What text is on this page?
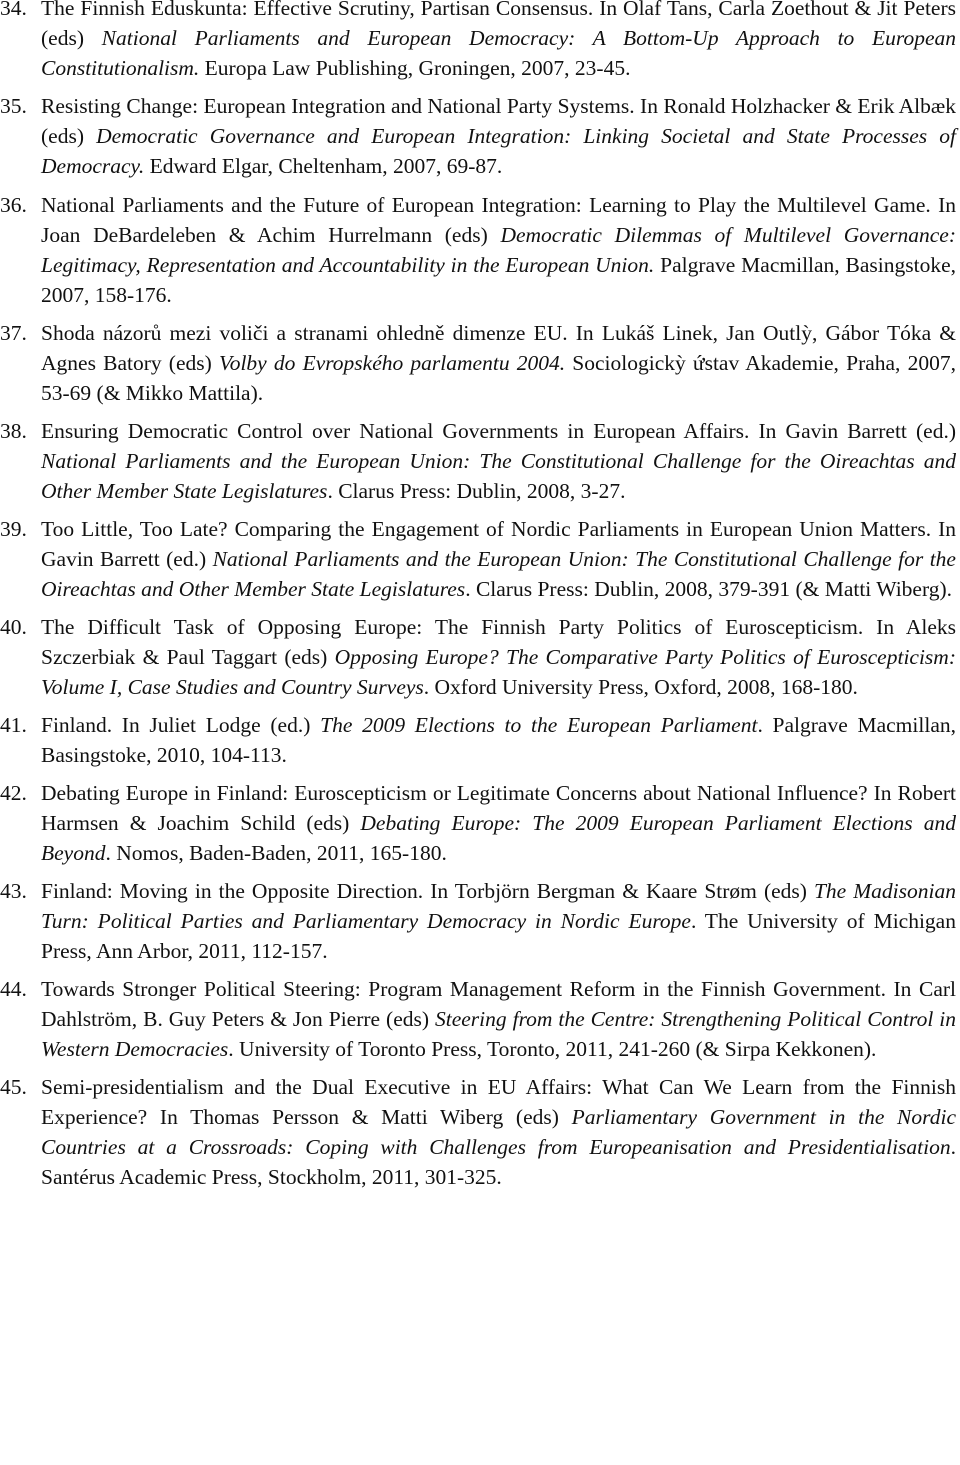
34. The Finnish Eduskunta: Effective Scrutiny, Partisan Consensus. In Olaf Tans, Carla Zoethout & Jit Peters (eds) National Parliaments and European Democracy: A Bottom-Up Approach to European Constitutionalism. Europa Law Publishing, Groningen, 2007, 23-45.

35. Resisting Change: European Integration and National Party Systems. In Ronald Holzhacker & Erik Albæk (eds) Democratic Governance and European Integration: Linking Societal and State Processes of Democracy. Edward Elgar, Cheltenham, 2007, 69-87.

36. National Parliaments and the Future of European Integration: Learning to Play the Multilevel Game. In Joan DeBardeleben & Achim Hurrelmann (eds) Democratic Dilemmas of Multilevel Governance: Legitimacy, Representation and Accountability in the European Union. Palgrave Macmillan, Basingstoke, 2007, 158-176.

37. Shoda názorů mezi voliči a stranami ohledně dimenze EU. In Lukáš Linek, Jan Outlỳ, Gábor Tóka & Agnes Batory (eds) Volby do Evropského parlamentu 2004. Sociologickỳ ứstav Akademie, Praha, 2007, 53-69 (& Mikko Mattila).

38. Ensuring Democratic Control over National Governments in European Affairs. In Gavin Barrett (ed.) National Parliaments and the European Union: The Constitutional Challenge for the Oireachtas and Other Member State Legislatures. Clarus Press: Dublin, 2008, 3-27.

39. Too Little, Too Late? Comparing the Engagement of Nordic Parliaments in European Union Matters. In Gavin Barrett (ed.) National Parliaments and the European Union: The Constitutional Challenge for the Oireachtas and Other Member State Legislatures. Clarus Press: Dublin, 2008, 379-391 (& Matti Wiberg).

40. The Difficult Task of Opposing Europe: The Finnish Party Politics of Euroscepticism. In Aleks Szczerbiak & Paul Taggart (eds) Opposing Europe? The Comparative Party Politics of Euroscepticism: Volume I, Case Studies and Country Surveys. Oxford University Press, Oxford, 2008, 168-180.

41. Finland. In Juliet Lodge (ed.) The 2009 Elections to the European Parliament. Palgrave Macmillan, Basingstoke, 2010, 104-113.

42. Debating Europe in Finland: Euroscepticism or Legitimate Concerns about National Influence? In Robert Harmsen & Joachim Schild (eds) Debating Europe: The 2009 European Parliament Elections and Beyond. Nomos, Baden-Baden, 2011, 165-180.

43. Finland: Moving in the Opposite Direction. In Torbjörn Bergman & Kaare Strøm (eds) The Madisonian Turn: Political Parties and Parliamentary Democracy in Nordic Europe. The University of Michigan Press, Ann Arbor, 2011, 112-157.

44. Towards Stronger Political Steering: Program Management Reform in the Finnish Government. In Carl Dahlström, B. Guy Peters & Jon Pierre (eds) Steering from the Centre: Strengthening Political Control in Western Democracies. University of Toronto Press, Toronto, 2011, 241-260 (& Sirpa Kekkonen).

45. Semi-presidentialism and the Dual Executive in EU Affairs: What Can We Learn from the Finnish Experience? In Thomas Persson & Matti Wiberg (eds) Parliamentary Government in the Nordic Countries at a Crossroads: Coping with Challenges from Europeanisation and Presidentialisation. Santérus Academic Press, Stockholm, 2011, 301-325.
